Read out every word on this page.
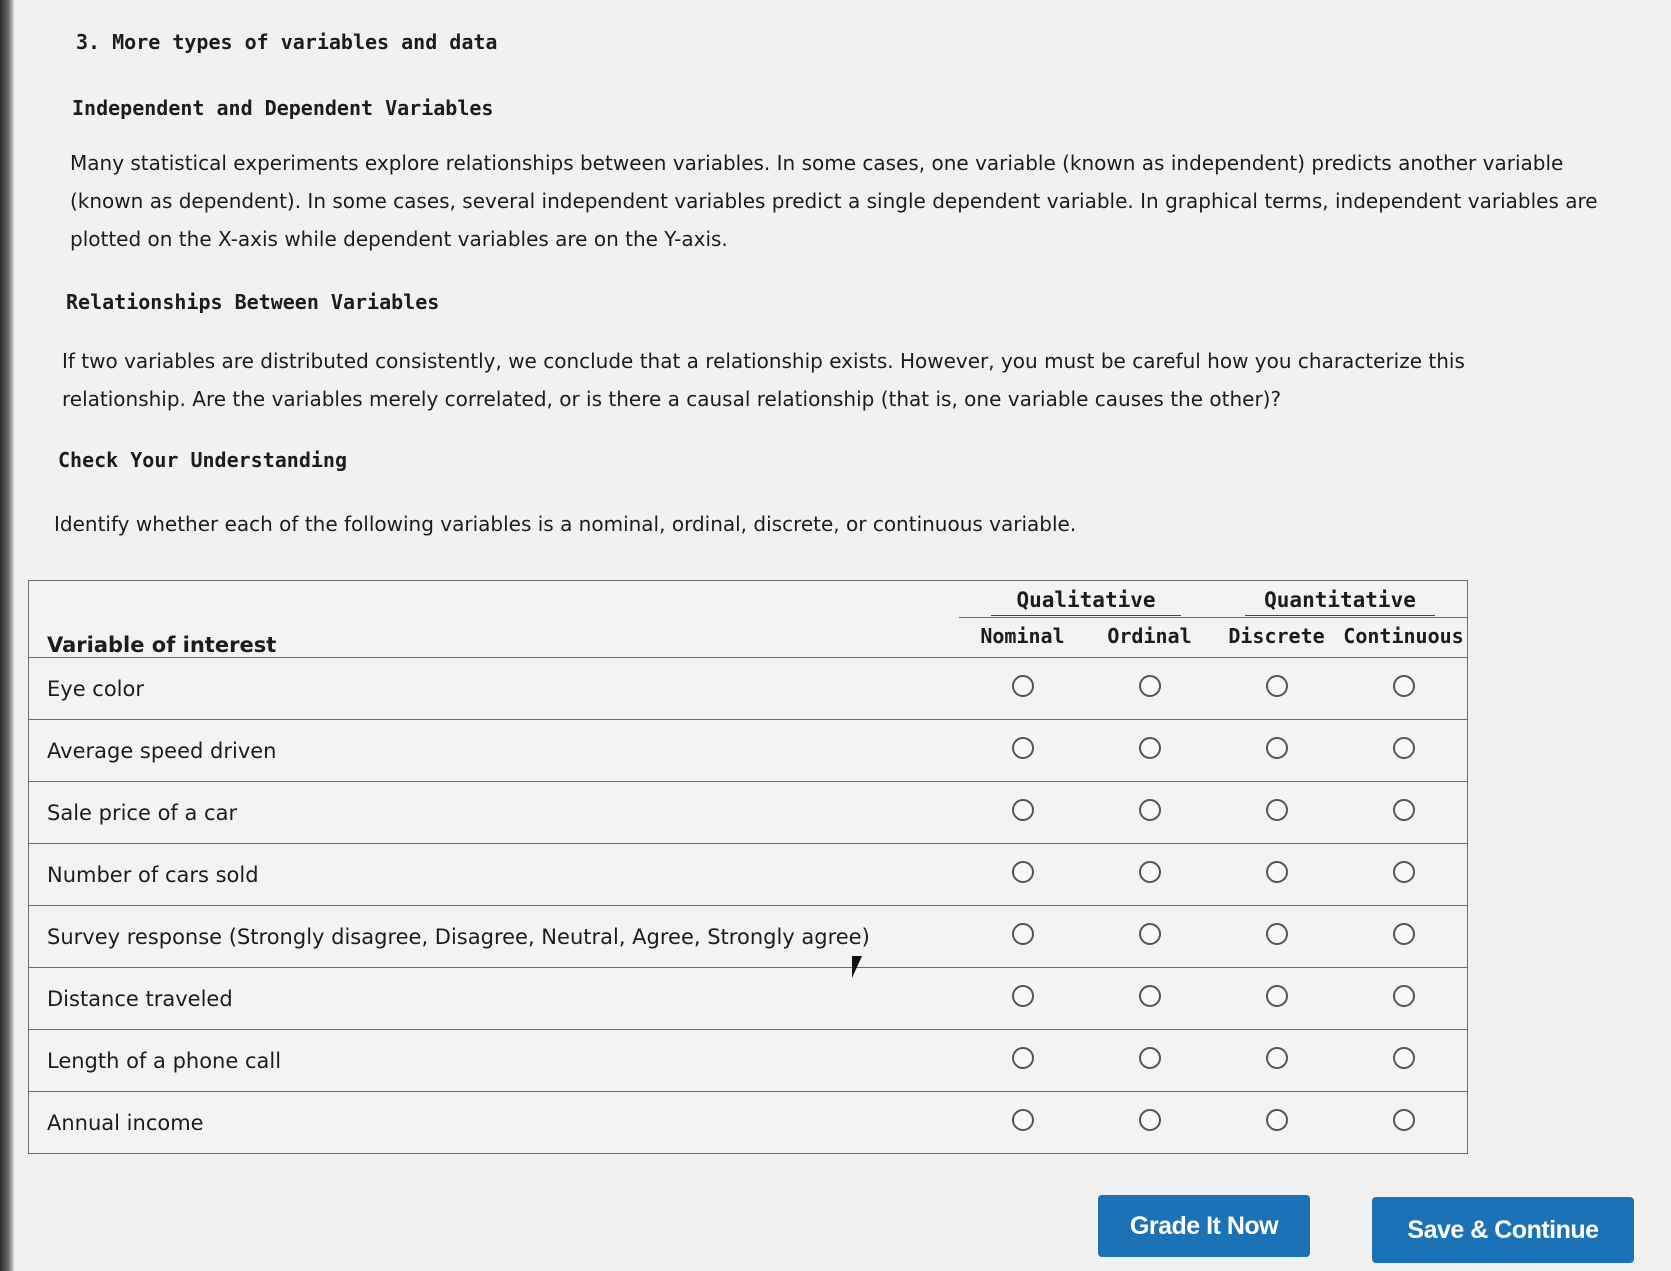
3. More types of variables and data
Independent and Dependent Variables
Many statistical experiments explore relationships between variables. In some cases, one variable (known as independent) predicts another variable (known as dependent). In some cases, several independent variables predict a single dependent variable. In graphical terms, independent variables are plotted on the X-axis while dependent variables are on the Y-axis.
Relationships Between Variables
If two variables are distributed consistently, we conclude that a relationship exists. However, you must be careful how you characterize this relationship. Are the variables merely correlated, or is there a causal relationship (that is, one variable causes the other)?
Check Your Understanding
Identify whether each of the following variables is a nominal, ordinal, discrete, or continuous variable.
Variable of interest	Qualitative		Quantitative	
	Nominal	Ordinal	Discrete	Continuous
Eye color				
Average speed driven				
Sale price of a car				
Number of cars sold				
Survey response (Strongly disagree, Disagree, Neutral, Agree, Strongly agree)				
Distance traveled				
Length of a phone call				
Annual income				
Grade It Now	Save & Continue
